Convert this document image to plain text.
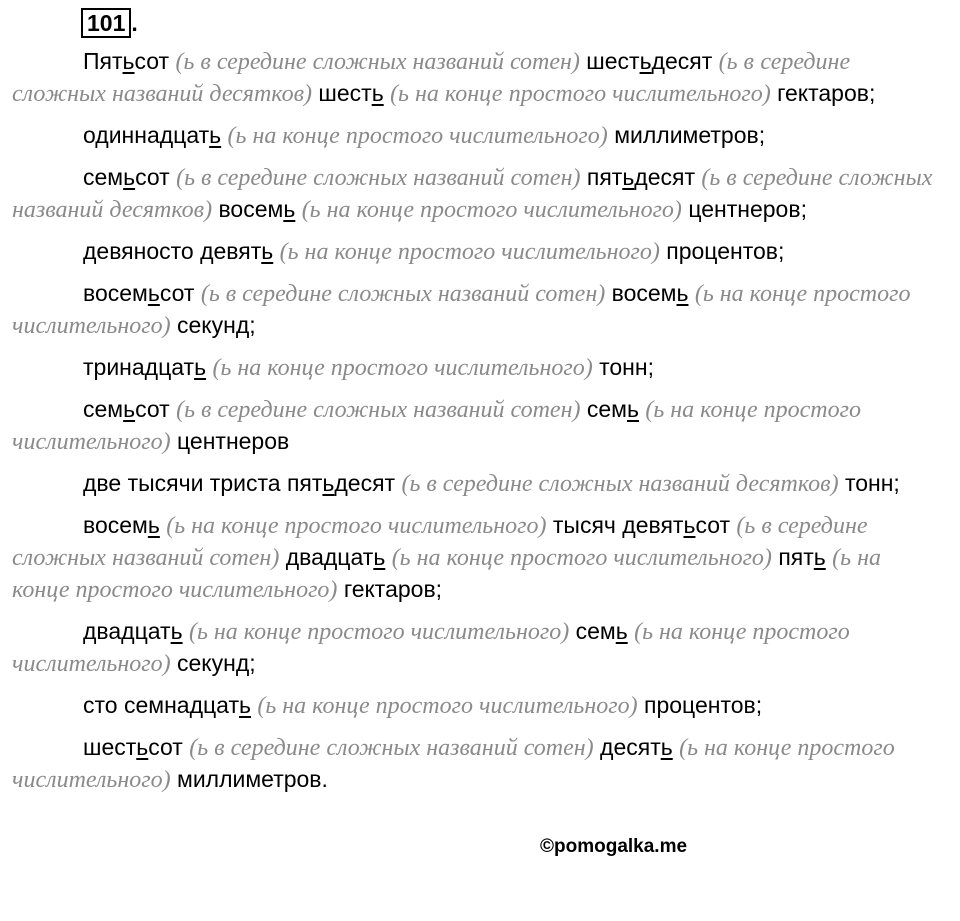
101 .

Пятьсот (ь в середине сложных названий сотен) шестьдесят (ь в середине сложных названий десятков) шесть (ь на конце простого числительного) гектаров;

одиннадцать (ь на конце простого числительного) миллиметров;

семьсот (ь в середине сложных названий сотен) пятьдесят (ь в середине сложных названий десятков) восемь (ь на конце простого числительного) центнеров;

девяносто девять (ь на конце простого числительного) процентов;

восемьсот (ь в середине сложных названий сотен) восемь (ь на конце простого числительного) секунд;

тринадцать (ь на конце простого числительного) тонн;

семьсот (ь в середине сложных названий сотен) семь (ь на конце простого числительного) центнеров

две тысячи триста пятьдесят (ь в середине сложных названий десятков) тонн;

восемь (ь на конце простого числительного) тысяч девятьсот (ь в середине сложных названий сотен) двадцать (ь на конце простого числительного) пять (ь на конце простого числительного) гектаров;

двадцать (ь на конце простого числительного) семь (ь на конце простого числительного) секунд;

сто семнадцать (ь на конце простого числительного) процентов;

шестьсот (ь в середине сложных названий сотен) десять (ь на конце простого числительного) миллиметров.

©pomogalka.me
